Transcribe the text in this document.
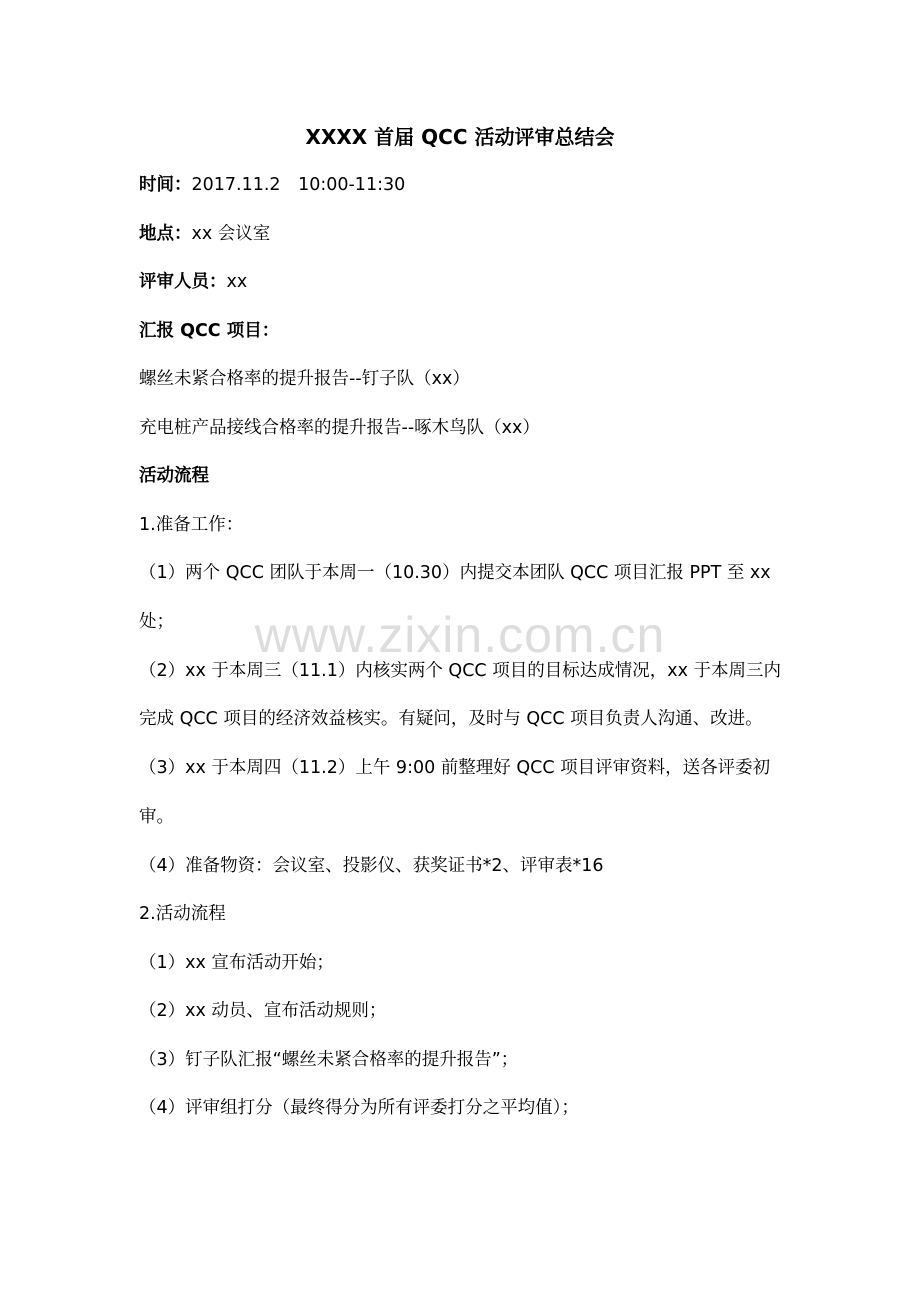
XXXX 首届 QCC 活动评审总结会

时间：2017.11.2　10:00-11:30

地点：xx 会议室

评审人员：xx

汇报 QCC 项目：

螺丝未紧合格率的提升报告--钉子队（xx）

充电桩产品接线合格率的提升报告--啄木鸟队（xx）

活动流程

1.准备工作：

（1）两个 QCC 团队于本周一（10.30）内提交本团队 QCC 项目汇报 PPT 至 xx 处；

（2）xx 于本周三（11.1）内核实两个 QCC 项目的目标达成情况，xx 于本周三内完成 QCC 项目的经济效益核实。有疑问，及时与 QCC 项目负责人沟通、改进。

（3）xx 于本周四（11.2）上午 9:00 前整理好 QCC 项目评审资料，送各评委初审。

（4）准备物资：会议室、投影仪、获奖证书*2、评审表*16

2.活动流程

（1）xx 宣布活动开始；

（2）xx 动员、宣布活动规则；

（3）钉子队汇报“螺丝未紧合格率的提升报告”；

（4）评审组打分（最终得分为所有评委打分之平均值）；

www.zixin.com.cn
